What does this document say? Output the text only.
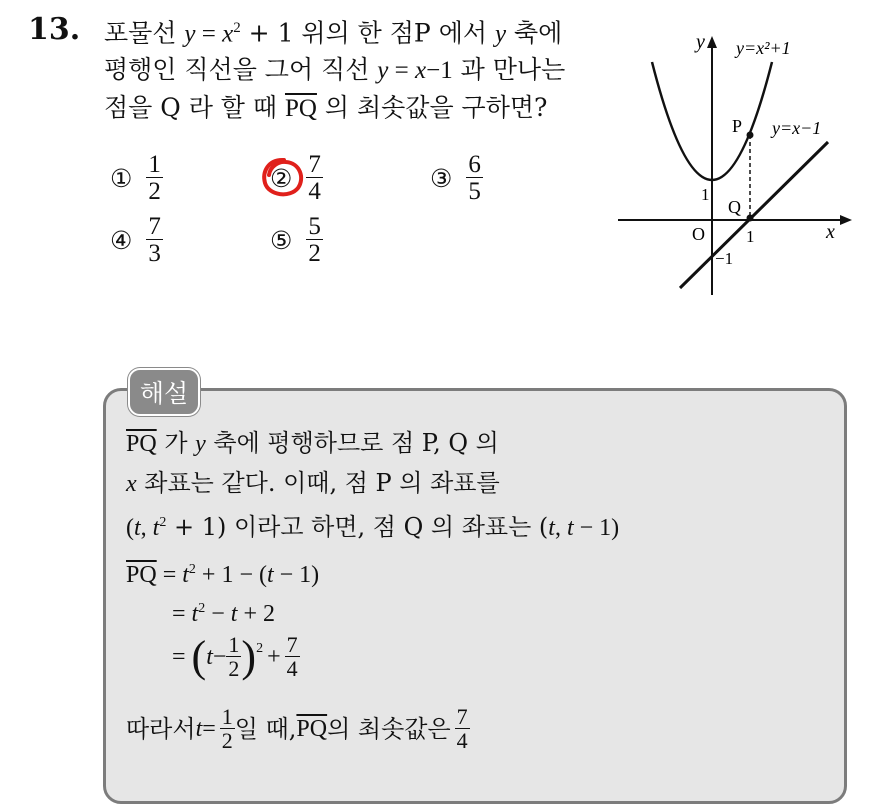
13. 포물선 $y = x^2 + 1$ 위의 한 점P 에서 y 축에
평행인 직선을 그어 직선 y = x−1 과 만나는
점을 Q 라 할 때 $\overline{PQ}$ 의 최솟값을 구하면?
① $\frac{1}{2}$	② $\frac{7}{4}$	③ $\frac{6}{5}$
④ $\frac{7}{3}$	⑤ $\frac{5}{2}$
y
x
y=x²+1
y=x−1
P
Q
O 1
1
−1
해설
$\overline{PQ}$ 가 y 축에 평행하므로 점 P, Q 의
x 좌표는 같다. 이때, 점 P 의 좌표를
(t, $t^2 + 1$) 이라고 하면, 점 Q 의 좌표는 (t, t − 1)
$\overline{PQ} = t^2 + 1 - (t - 1)$
= $t^2 - t + 2$
= ( $t - \frac{1}{2} )^2 + \frac{7}{4}$
따라서 $t = \frac{1}{2}$ 일 때, $\overline{PQ}$ 의 최솟값은 $\frac{7}{4}$
